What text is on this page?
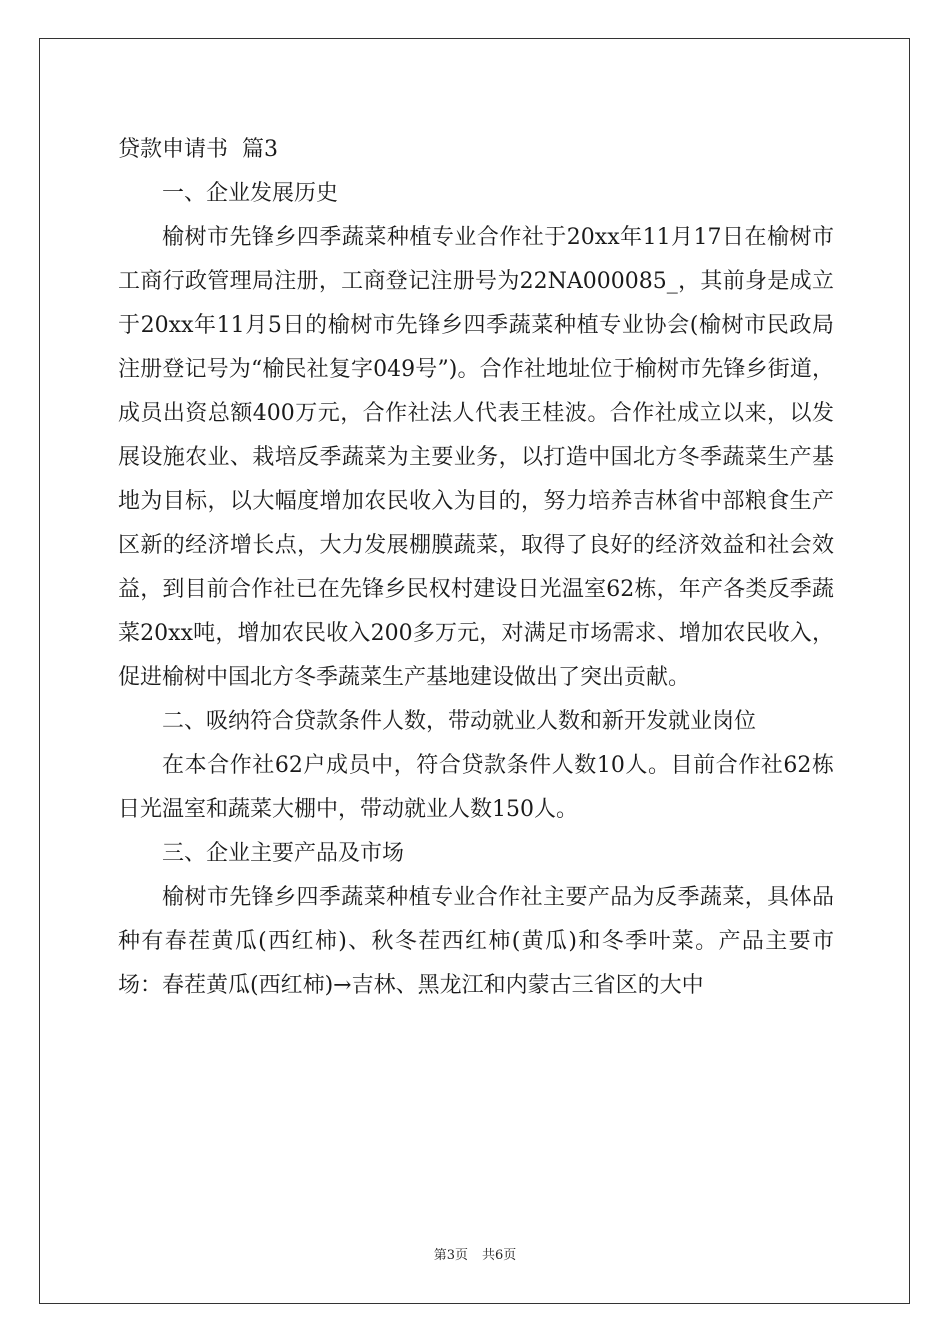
贷款申请书  篇3

一、企业发展历史

榆树市先锋乡四季蔬菜种植专业合作社于20xx年11月17日在榆树市工商行政管理局注册，工商登记注册号为22NA000085_，其前身是成立于20xx年11月5日的榆树市先锋乡四季蔬菜种植专业协会(榆树市民政局注册登记号为“榆民社复字049号”)。合作社地址位于榆树市先锋乡街道，成员出资总额400万元，合作社法人代表王桂波。合作社成立以来，以发展设施农业、栽培反季蔬菜为主要业务，以打造中国北方冬季蔬菜生产基地为目标，以大幅度增加农民收入为目的，努力培养吉林省中部粮食生产区新的经济增长点，大力发展棚膜蔬菜，取得了良好的经济效益和社会效益，到目前合作社已在先锋乡民权村建设日光温室62栋，年产各类反季蔬菜20xx吨，增加农民收入200多万元，对满足市场需求、增加农民收入，促进榆树中国北方冬季蔬菜生产基地建设做出了突出贡献。

二、吸纳符合贷款条件人数，带动就业人数和新开发就业岗位

在本合作社62户成员中，符合贷款条件人数10人。目前合作社62栋日光温室和蔬菜大棚中，带动就业人数150人。

三、企业主要产品及市场

榆树市先锋乡四季蔬菜种植专业合作社主要产品为反季蔬菜，具体品种有春茬黄瓜(西红柿)、秋冬茬西红柿(黄瓜)和冬季叶菜。产品主要市场：春茬黄瓜(西红柿)→吉林、黑龙江和内蒙古三省区的大中

第3页 共6页
